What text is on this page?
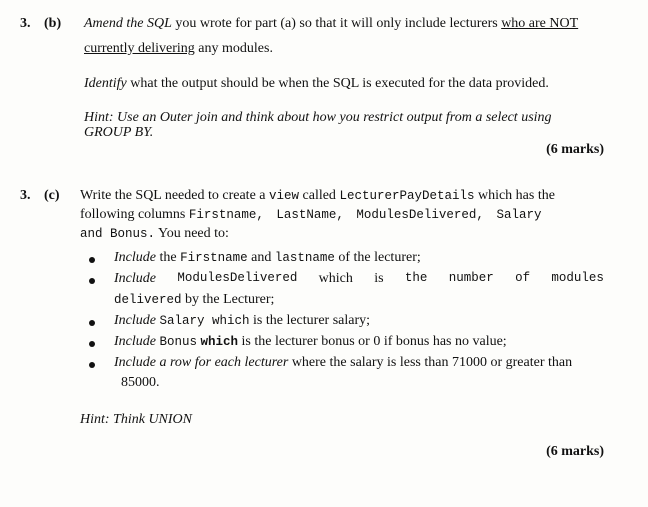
3. (b) Amend the SQL you wrote for part (a) so that it will only include lecturers who are NOT
currently delivering any modules.
Identify what the output should be when the SQL is executed for the data provided.
Hint: Use an Outer join and think about how you restrict output from a select using
GROUP BY.
(6 marks)
3. (c) Write the SQL needed to create a view called LecturerPayDetails which has the
following columns Firstname, LastName, ModulesDelivered, Salary
and Bonus. You need to:
Include the Firstname and lastname of the lecturer;
Include ModulesDelivered which is the number of modules
delivered by the Lecturer;
Include Salary which is the lecturer salary;
Include Bonus which is the lecturer bonus or 0 if bonus has no value;
Include a row for each lecturer where the salary is less than 71000 or greater than
85000.
Hint: Think UNION
(6 marks)
